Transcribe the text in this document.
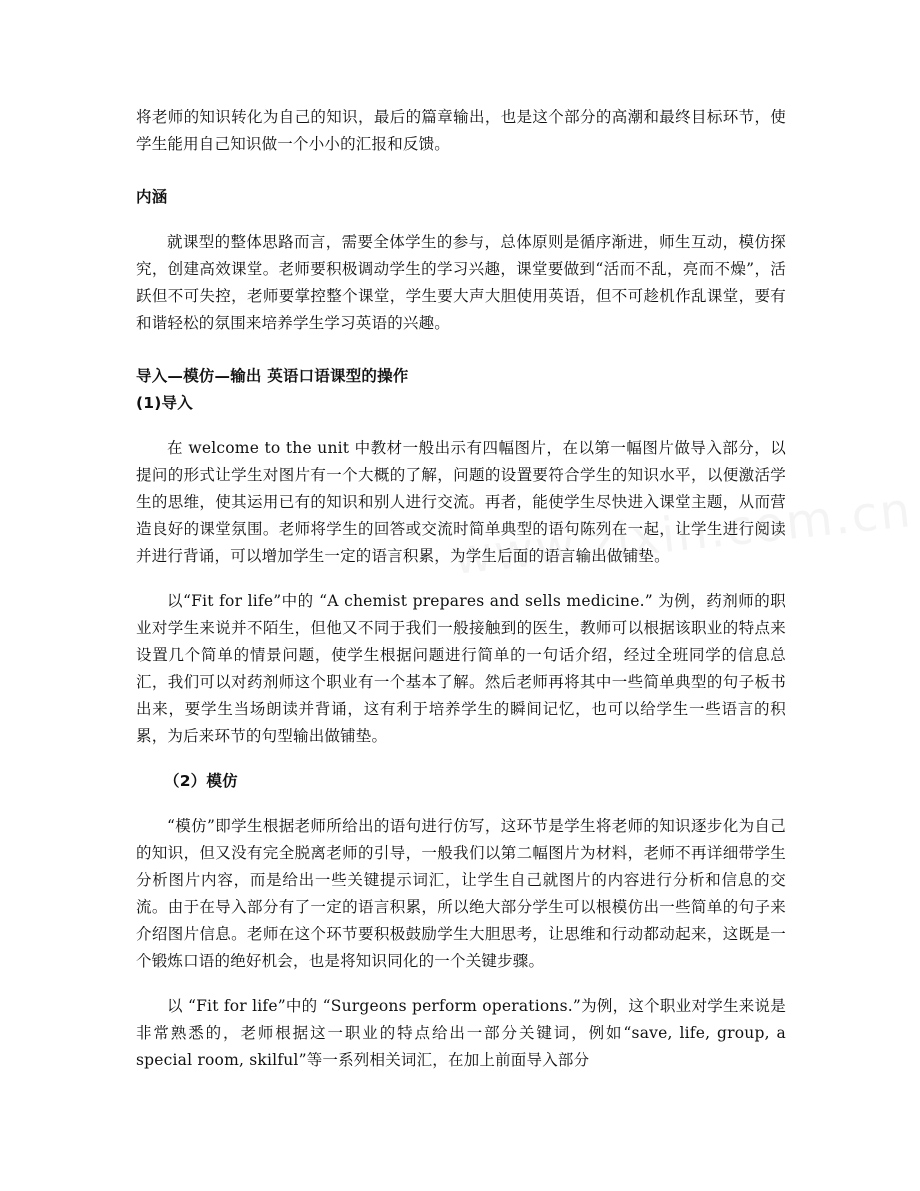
将老师的知识转化为自己的知识，最后的篇章输出，也是这个部分的高潮和最终目标环节，使学生能用自己知识做一个小小的汇报和反馈。

内涵

就课型的整体思路而言，需要全体学生的参与，总体原则是循序渐进，师生互动，模仿探究，创建高效课堂。老师要积极调动学生的学习兴趣，课堂要做到“活而不乱，亮而不燥”，活跃但不可失控，老师要掌控整个课堂，学生要大声大胆使用英语，但不可趁机作乱课堂，要有和谐轻松的氛围来培养学生学习英语的兴趣。

导入—模仿—输出 英语口语课型的操作

(1)导入

在 welcome to the unit 中教材一般出示有四幅图片，在以第一幅图片做导入部分，以提问的形式让学生对图片有一个大概的了解，问题的设置要符合学生的知识水平，以便激活学生的思维，使其运用已有的知识和别人进行交流。再者，能使学生尽快进入课堂主题，从而营造良好的课堂氛围。老师将学生的回答或交流时简单典型的语句陈列在一起，让学生进行阅读并进行背诵，可以增加学生一定的语言积累，为学生后面的语言输出做铺垫。

以“Fit for life”中的 “A chemist prepares and sells medicine.” 为例，药剂师的职业对学生来说并不陌生，但他又不同于我们一般接触到的医生，教师可以根据该职业的特点来设置几个简单的情景问题，使学生根据问题进行简单的一句话介绍，经过全班同学的信息总汇，我们可以对药剂师这个职业有一个基本了解。然后老师再将其中一些简单典型的句子板书出来，要学生当场朗读并背诵，这有利于培养学生的瞬间记忆，也可以给学生一些语言的积累，为后来环节的句型输出做铺垫。

（2）模仿

“模仿”即学生根据老师所给出的语句进行仿写，这环节是学生将老师的知识逐步化为自己的知识，但又没有完全脱离老师的引导，一般我们以第二幅图片为材料，老师不再详细带学生分析图片内容，而是给出一些关键提示词汇，让学生自己就图片的内容进行分析和信息的交流。由于在导入部分有了一定的语言积累，所以绝大部分学生可以根模仿出一些简单的句子来介绍图片信息。老师在这个环节要积极鼓励学生大胆思考，让思维和行动都动起来，这既是一个锻炼口语的绝好机会，也是将知识同化的一个关键步骤。

以 “Fit for life”中的 “Surgeons perform operations.”为例，这个职业对学生来说是非常熟悉的，老师根据这一职业的特点给出一部分关键词，例如“save, life, group, a special room, skilful”等一系列相关词汇，在加上前面导入部分
